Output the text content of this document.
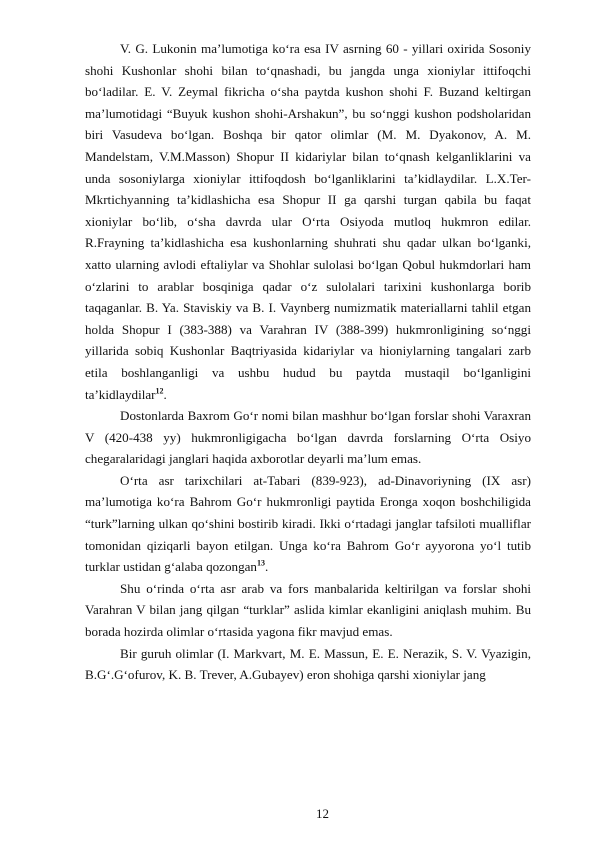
V. G. Lukonin ma’lumotiga ko‘ra esa IV asrning 60 - yillari oxirida Sosoniy shohi Kushonlar shohi bilan to‘qnashadi, bu jangda unga xioniylar ittifoqchi bo‘ladilar. E. V. Zeymal fikricha o‘sha paytda kushon shohi F. Buzand keltirgan ma’lumotidagi “Buyuk kushon shohi-Arshakun”, bu so‘nggi kushon podsholaridan biri Vasudeva bo‘lgan. Boshqa bir qator olimlar (M. M. Dyakonov, A. M. Mandelstam, V.M.Masson) Shopur II kidariylar bilan to‘qnash kelganliklarini va unda sosoniylarga xioniylar ittifoqdosh bo‘lganliklarini ta’kidlaydilar. L.X.Ter-Mkrtichyanning ta’kidlashicha esa Shopur II ga qarshi turgan qabila bu faqat xioniylar bo‘lib, o‘sha davrda ular O‘rta Osiyoda mutloq hukmron edilar. R.Frayning ta’kidlashicha esa kushonlarning shuhrati shu qadar ulkan bo‘lganki, xatto ularning avlodi eftaliylar va Shohlar sulolasi bo‘lgan Qobul hukmdorlari ham o‘zlarini to arablar bosqiniga qadar o‘z sulolalari tarixini kushonlarga borib taqaganlar. B. Ya. Staviskiy va B. I. Vaynberg numizmatik materiallarni tahlil etgan holda Shopur I (383-388) va Varahran IV (388-399) hukmronligining so‘nggi yillarida sobiq Kushonlar Baqtriyasida kidariylar va hioniylarning tangalari zarb etila boshlanganligi va ushbu hudud bu paytda mustaqil bo‘lganligini ta’kidlaydilar$^{12}$.

Dostonlarda Baxrom Go‘r nomi bilan mashhur bo‘lgan forslar shohi Varaxran V (420-438 yy) hukmronligigacha bo‘lgan davrda forslarning O‘rta Osiyo chegaralaridagi janglari haqida axborotlar deyarli ma’lum emas.

O‘rta asr tarixchilari at-Tabari (839-923), ad-Dinavoriyning (IX asr) ma’lumotiga ko‘ra Bahrom Go‘r hukmronligi paytida Eronga xoqon boshchiligida “turk”larning ulkan qo‘shini bostirib kiradi. Ikki o‘rtadagi janglar tafsiloti mualliflar tomonidan qiziqarli bayon etilgan. Unga ko‘ra Bahrom Go‘r ayyorona yo‘l tutib turklar ustidan g‘alaba qozongan$^{13}$.

Shu o‘rinda o‘rta asr arab va fors manbalarida keltirilgan va forslar shohi Varahran V bilan jang qilgan “turklar” aslida kimlar ekanligini aniqlash muhim. Bu borada hozirda olimlar o‘rtasida yagona fikr mavjud emas.

Bir guruh olimlar (I. Markvart, M. E. Massun, E. E. Nerazik, S. V. Vyazigin, B.G‘.G‘ofurov, K. B. Trever, A.Gubayev) eron shohiga qarshi xioniylar jang

12
